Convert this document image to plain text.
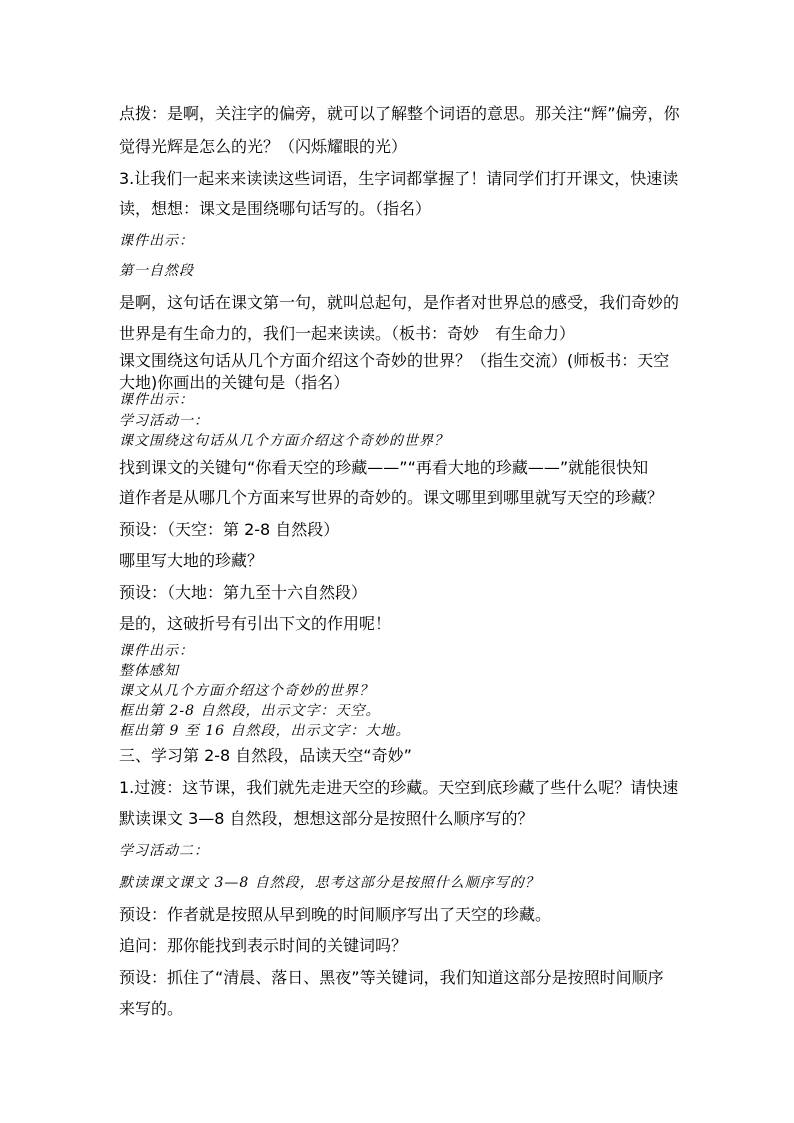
点拨：是啊，关注字的偏旁，就可以了解整个词语的意思。那关注“辉”偏旁，你
觉得光辉是怎么的光？（闪烁耀眼的光）
3.让我们一起来来读读这些词语，生字词都掌握了！请同学们打开课文，快速读
读，想想：课文是围绕哪句话写的。（指名）
课件出示：
第一自然段
是啊，这句话在课文第一句，就叫总起句，是作者对世界总的感受，我们奇妙的
世界是有生命力的，我们一起来读读。（板书：奇妙　有生命力）
课文围绕这句话从几个方面介绍这个奇妙的世界？（指生交流）(师板书：天空
大地)你画出的关键句是（指名）
课件出示：
学习活动一：
课文围绕这句话从几个方面介绍这个奇妙的世界？
找到课文的关键句“你看天空的珍藏——”“再看大地的珍藏——”就能很快知
道作者是从哪几个方面来写世界的奇妙的。课文哪里到哪里就写天空的珍藏？
预设：（天空：第 2-8 自然段）
哪里写大地的珍藏？
预设：（大地：第九至十六自然段）
是的，这破折号有引出下文的作用呢！
课件出示：
整体感知
课文从几个方面介绍这个奇妙的世界？
框出第 2-8 自然段，出示文字：天空。
框出第 9 至 16 自然段，出示文字：大地。
三、学习第 2-8 自然段，品读天空“奇妙”
1.过渡：这节课，我们就先走进天空的珍藏。天空到底珍藏了些什么呢？请快速
默读课文 3—8 自然段，想想这部分是按照什么顺序写的？
学习活动二：
默读课文课文 3—8 自然段，思考这部分是按照什么顺序写的？
预设：作者就是按照从早到晚的时间顺序写出了天空的珍藏。
追问：那你能找到表示时间的关键词吗？
预设：抓住了“清晨、落日、黑夜”等关键词，我们知道这部分是按照时间顺序
来写的。
